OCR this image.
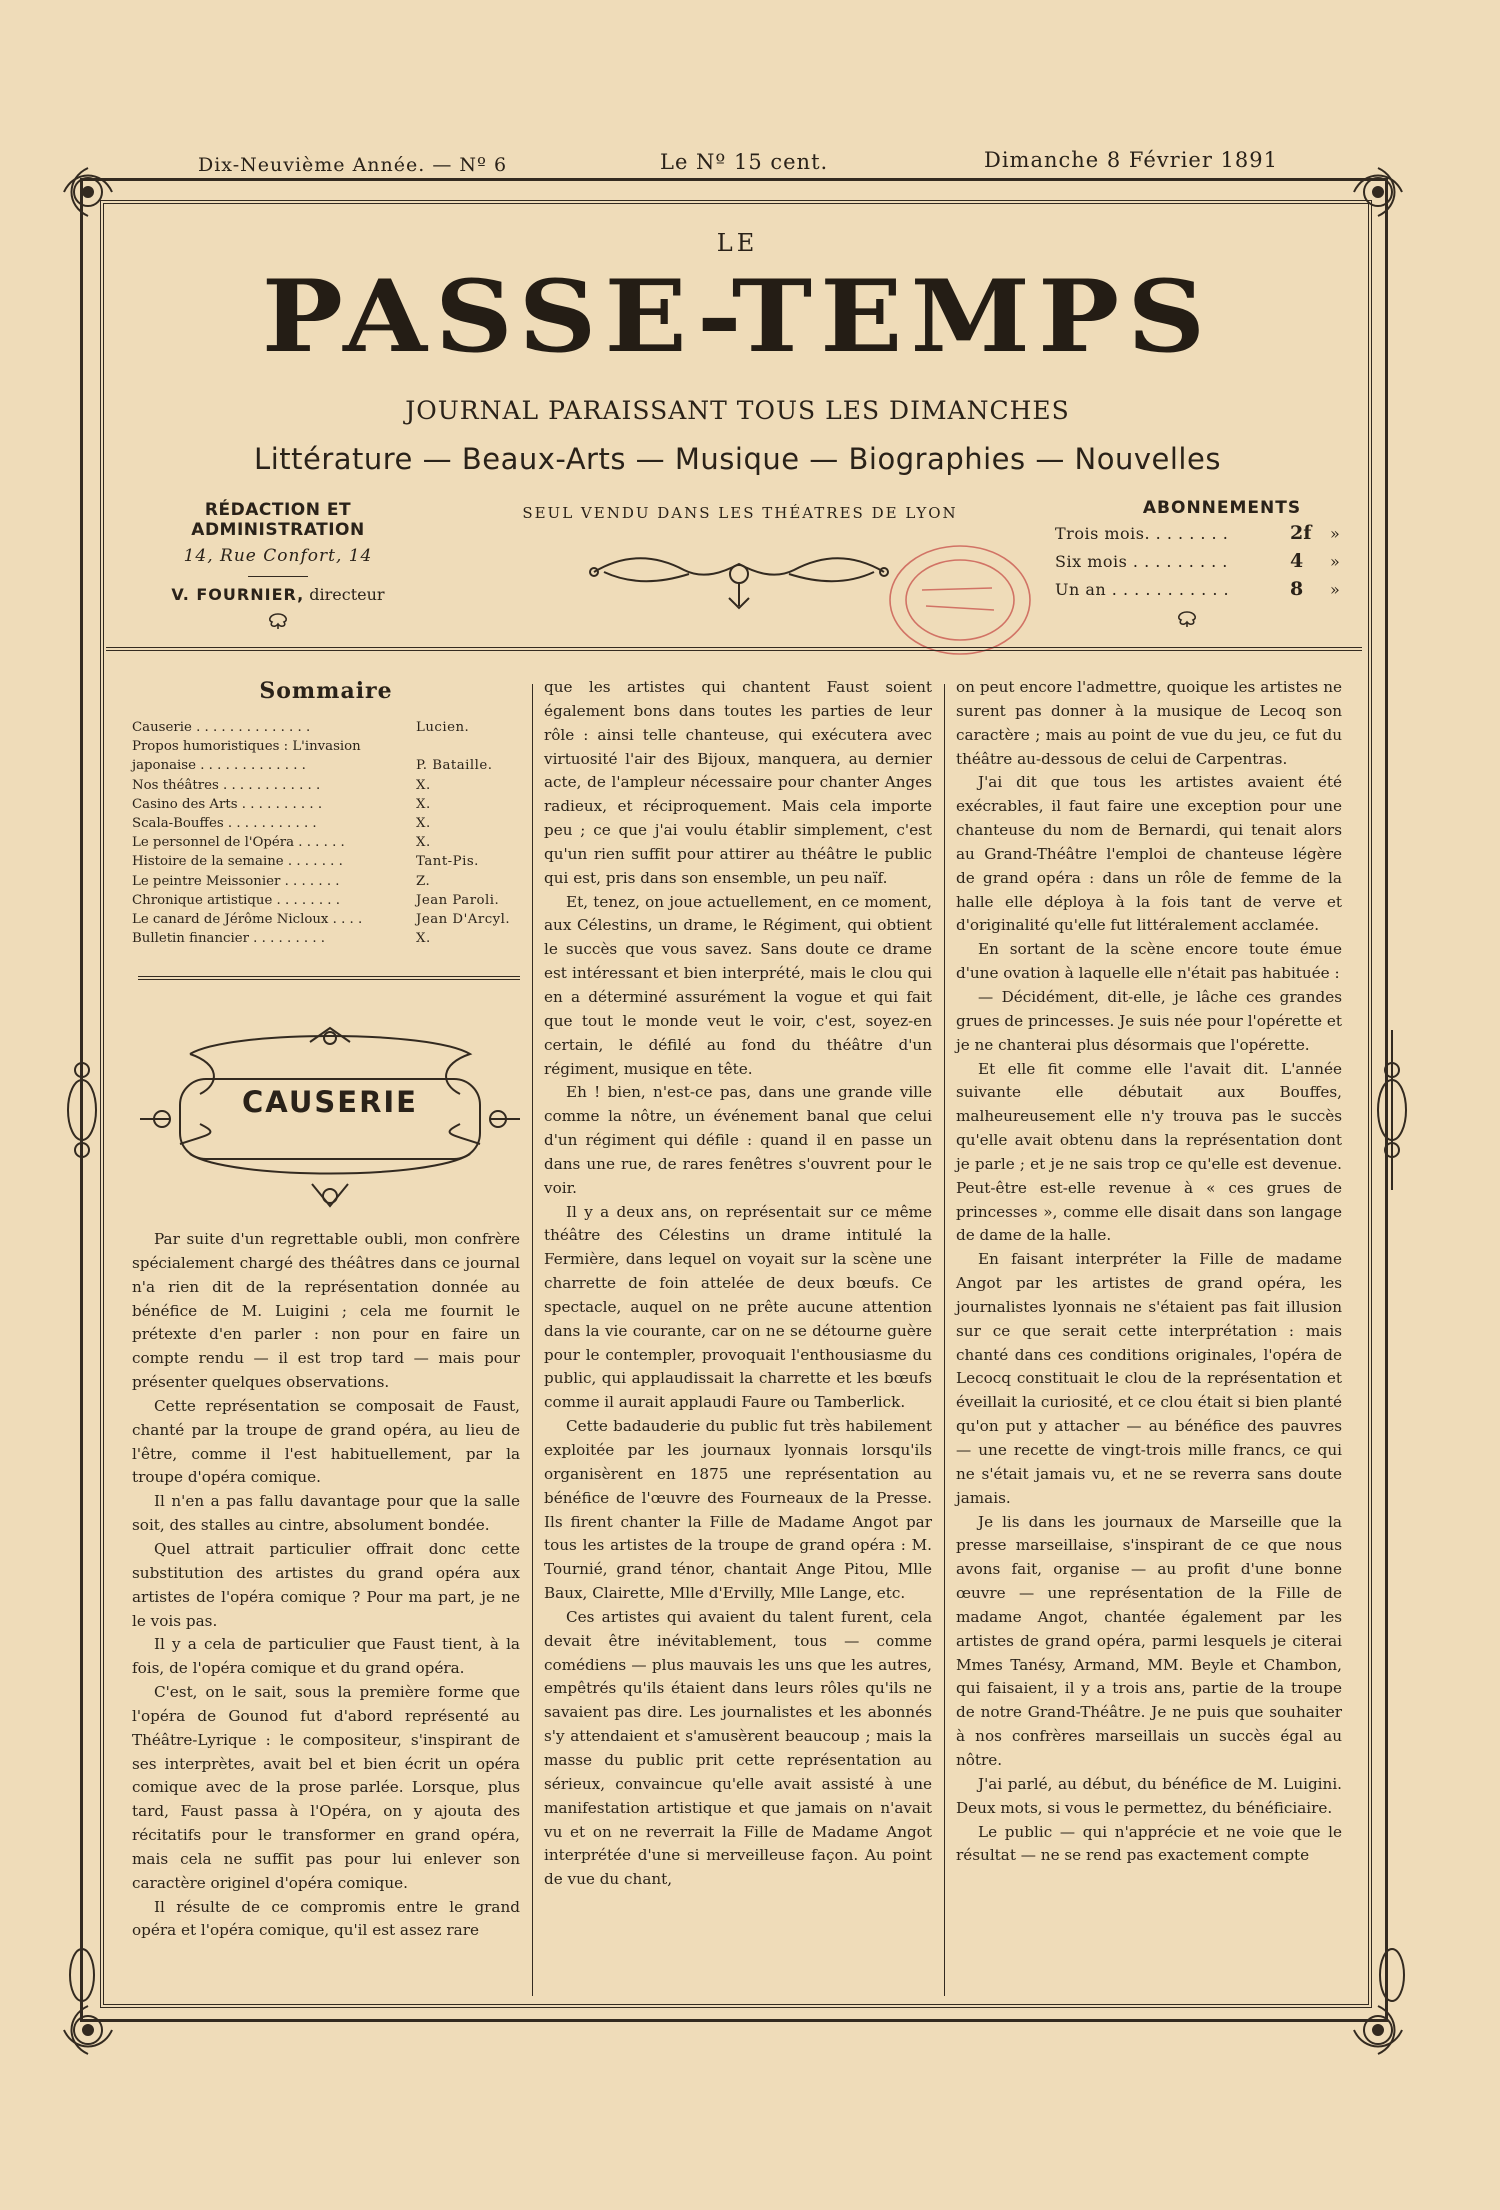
Dix-Neuvième Année. — Nº 6	Le Nº 15 cent.	Dimanche 8 Février 1891
LE
PASSE-TEMPS
JOURNAL PARAISSANT TOUS LES DIMANCHES
Littérature — Beaux-Arts — Musique — Biographies — Nouvelles
RÉDACTION ET ADMINISTRATION
14, Rue Confort, 14
V. FOURNIER, directeur
SEUL VENDU DANS LES THÉATRES DE LYON	ABONNEMENTS
Trois mois. . . . . . . .	2f »
Six mois . . . . . . . . .	4 »
Un an . . . . . . . . . . .	8 »
Sommaire
Causerie . . . . . . . . . . . . . .	Lucien.
Propos humoristiques : L'invasion
japonaise . . . . . . . . . . . . .	P. Bataille.
Nos théâtres . . . . . . . . . . . .	X.
Casino des Arts . . . . . . . . . .	X.
Scala-Bouffes . . . . . . . . . . .	X.
Le personnel de l'Opéra . . . . . .	X.
Histoire de la semaine . . . . . . .	Tant-Pis.
Le peintre Meissonier . . . . . . .	Z.
Chronique artistique . . . . . . . .	Jean Paroli.
Le canard de Jérôme Nicloux . . . .	Jean D'Arcyl.
Bulletin financier . . . . . . . . .	X.
CAUSERIE

Par suite d'un regrettable oubli, mon confrère spécialement chargé des théâtres dans ce journal n'a rien dit de la représentation donnée au bénéfice de M. Luigini ; cela me fournit le prétexte d'en parler : non pour en faire un compte rendu — il est trop tard — mais pour présenter quelques observations.

Cette représentation se composait de Faust, chanté par la troupe de grand opéra, au lieu de l'être, comme il l'est habituellement, par la troupe d'opéra comique.

Il n'en a pas fallu davantage pour que la salle soit, des stalles au cintre, absolument bondée.

Quel attrait particulier offrait donc cette substitution des artistes du grand opéra aux artistes de l'opéra comique ? Pour ma part, je ne le vois pas.

Il y a cela de particulier que Faust tient, à la fois, de l'opéra comique et du grand opéra.

C'est, on le sait, sous la première forme que l'opéra de Gounod fut d'abord représenté au Théâtre-Lyrique : le compositeur, s'inspirant de ses interprètes, avait bel et bien écrit un opéra comique avec de la prose parlée. Lorsque, plus tard, Faust passa à l'Opéra, on y ajouta des récitatifs pour le transformer en grand opéra, mais cela ne suffit pas pour lui enlever son caractère originel d'opéra comique.

Il résulte de ce compromis entre le grand opéra et l'opéra comique, qu'il est assez rare

que les artistes qui chantent Faust soient également bons dans toutes les parties de leur rôle : ainsi telle chanteuse, qui exécutera avec virtuosité l'air des Bijoux, manquera, au dernier acte, de l'ampleur nécessaire pour chanter Anges radieux, et réciproquement. Mais cela importe peu ; ce que j'ai voulu établir simplement, c'est qu'un rien suffit pour attirer au théâtre le public qui est, pris dans son ensemble, un peu naïf.

Et, tenez, on joue actuellement, en ce moment, aux Célestins, un drame, le Régiment, qui obtient le succès que vous savez. Sans doute ce drame est intéressant et bien interprété, mais le clou qui en a déterminé assurément la vogue et qui fait que tout le monde veut le voir, c'est, soyez-en certain, le défilé au fond du théâtre d'un régiment, musique en tête.

Eh ! bien, n'est-ce pas, dans une grande ville comme la nôtre, un événement banal que celui d'un régiment qui défile : quand il en passe un dans une rue, de rares fenêtres s'ouvrent pour le voir.

Il y a deux ans, on représentait sur ce même théâtre des Célestins un drame intitulé la Fermière, dans lequel on voyait sur la scène une charrette de foin attelée de deux bœufs. Ce spectacle, auquel on ne prête aucune attention dans la vie courante, car on ne se détourne guère pour le contempler, provoquait l'enthousiasme du public, qui applaudissait la charrette et les bœufs comme il aurait applaudi Faure ou Tamberlick.

Cette badauderie du public fut très habilement exploitée par les journaux lyonnais lorsqu'ils organisèrent en 1875 une représentation au bénéfice de l'œuvre des Fourneaux de la Presse. Ils firent chanter la Fille de Madame Angot par tous les artistes de la troupe de grand opéra : M. Tournié, grand ténor, chantait Ange Pitou, Mlle Baux, Clairette, Mlle d'Ervilly, Mlle Lange, etc.

Ces artistes qui avaient du talent furent, cela devait être inévitablement, tous — comme comédiens — plus mauvais les uns que les autres, empêtrés qu'ils étaient dans leurs rôles qu'ils ne savaient pas dire. Les journalistes et les abonnés s'y attendaient et s'amusèrent beaucoup ; mais la masse du public prit cette représentation au sérieux, convaincue qu'elle avait assisté à une manifestation artistique et que jamais on n'avait vu et on ne reverrait la Fille de Madame Angot interprétée d'une si merveilleuse façon. Au point de vue du chant,

on peut encore l'admettre, quoique les artistes ne surent pas donner à la musique de Lecoq son caractère ; mais au point de vue du jeu, ce fut du théâtre au-dessous de celui de Carpentras.

J'ai dit que tous les artistes avaient été exécrables, il faut faire une exception pour une chanteuse du nom de Bernardi, qui tenait alors au Grand-Théâtre l'emploi de chanteuse légère de grand opéra : dans un rôle de femme de la halle elle déploya à la fois tant de verve et d'originalité qu'elle fut littéralement acclamée.

En sortant de la scène encore toute émue d'une ovation à laquelle elle n'était pas habituée :

— Décidément, dit-elle, je lâche ces grandes grues de princesses. Je suis née pour l'opérette et je ne chanterai plus désormais que l'opérette.

Et elle fit comme elle l'avait dit. L'année suivante elle débutait aux Bouffes, malheureusement elle n'y trouva pas le succès qu'elle avait obtenu dans la représentation dont je parle ; et je ne sais trop ce qu'elle est devenue. Peut-être est-elle revenue à « ces grues de princesses », comme elle disait dans son langage de dame de la halle.

En faisant interpréter la Fille de madame Angot par les artistes de grand opéra, les journalistes lyonnais ne s'étaient pas fait illusion sur ce que serait cette interprétation : mais chanté dans ces conditions originales, l'opéra de Lecocq constituait le clou de la représentation et éveillait la curiosité, et ce clou était si bien planté qu'on put y attacher — au bénéfice des pauvres — une recette de vingt-trois mille francs, ce qui ne s'était jamais vu, et ne se reverra sans doute jamais.

Je lis dans les journaux de Marseille que la presse marseillaise, s'inspirant de ce que nous avons fait, organise — au profit d'une bonne œuvre — une représentation de la Fille de madame Angot, chantée également par les artistes de grand opéra, parmi lesquels je citerai Mmes Tanésy, Armand, MM. Beyle et Chambon, qui faisaient, il y a trois ans, partie de la troupe de notre Grand-Théâtre. Je ne puis que souhaiter à nos confrères marseillais un succès égal au nôtre.

J'ai parlé, au début, du bénéfice de M. Luigini. Deux mots, si vous le permettez, du bénéficiaire.

Le public — qui n'apprécie et ne voie que le résultat — ne se rend pas exactement compte
